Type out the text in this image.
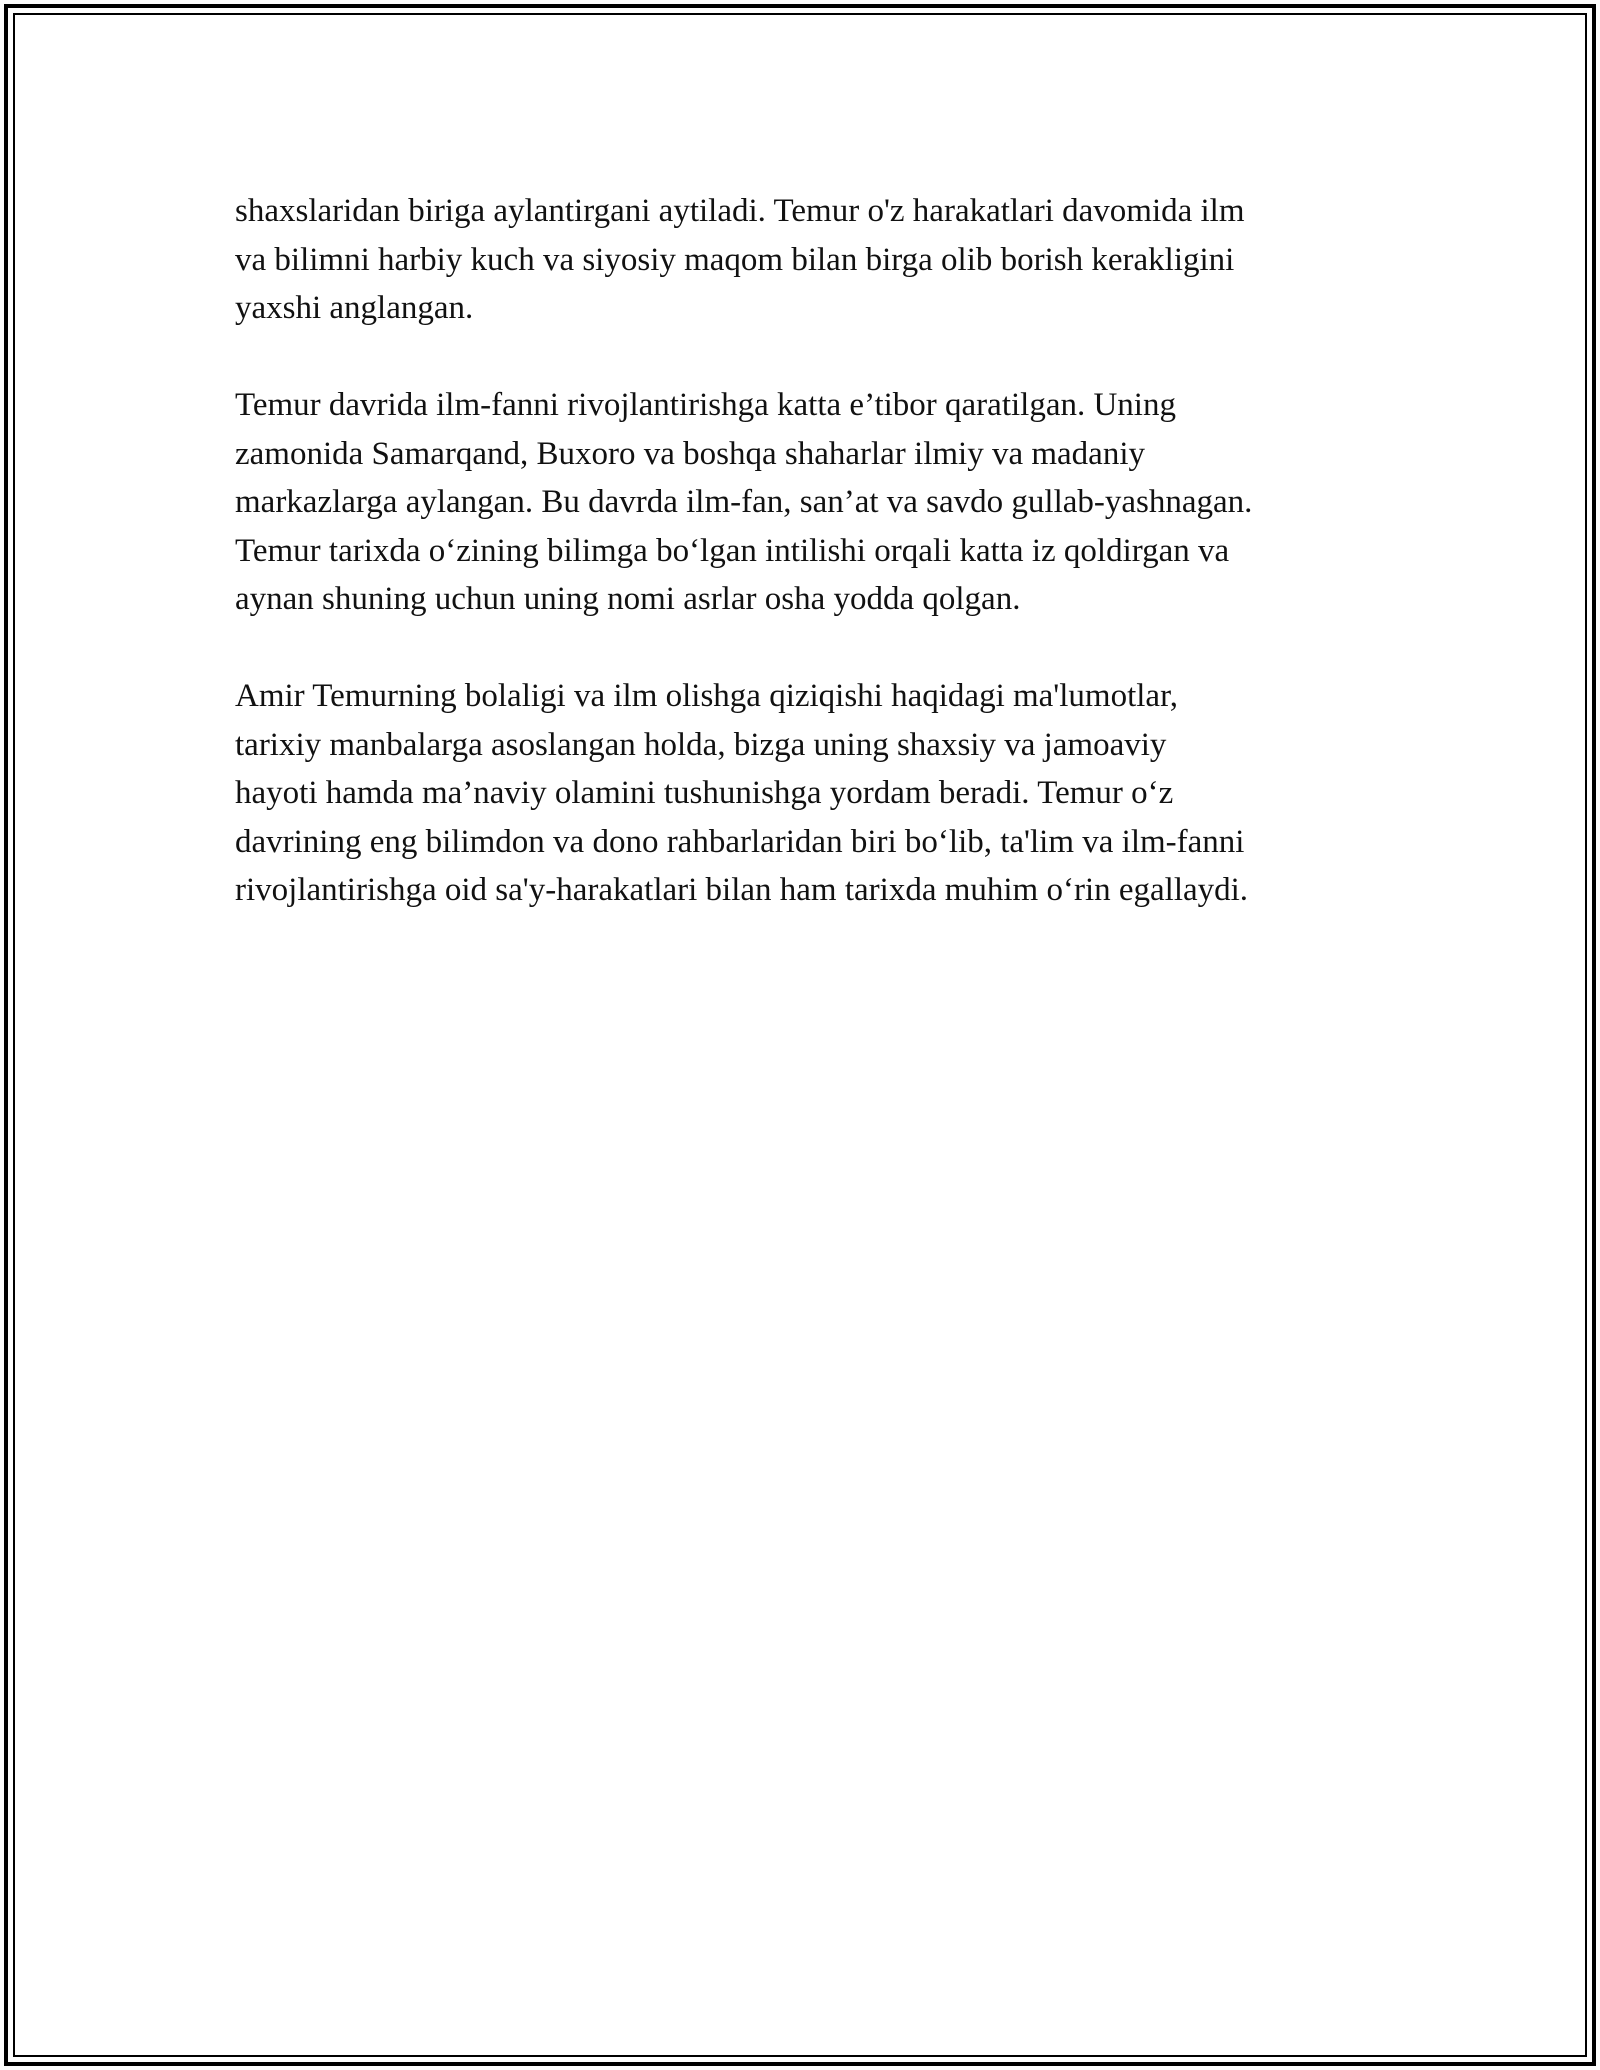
shaxslaridan biriga aylantirgani aytiladi. Temur o'z harakatlari davomida ilm
va bilimni harbiy kuch va siyosiy maqom bilan birga olib borish kerakligini
yaxshi anglangan.

Temur davrida ilm-fanni rivojlantirishga katta e’tibor qaratilgan. Uning
zamonida Samarqand, Buxoro va boshqa shaharlar ilmiy va madaniy
markazlarga aylangan. Bu davrda ilm-fan, san’at va savdo gullab-yashnagan.
Temur tarixda o‘zining bilimga bo‘lgan intilishi orqali katta iz qoldirgan va
aynan shuning uchun uning nomi asrlar osha yodda qolgan.

Amir Temurning bolaligi va ilm olishga qiziqishi haqidagi ma'lumotlar,
tarixiy manbalarga asoslangan holda, bizga uning shaxsiy va jamoaviy
hayoti hamda ma’naviy olamini tushunishga yordam beradi. Temur o‘z
davrining eng bilimdon va dono rahbarlaridan biri bo‘lib, ta'lim va ilm-fanni
rivojlantirishga oid sa'y-harakatlari bilan ham tarixda muhim o‘rin egallaydi.
